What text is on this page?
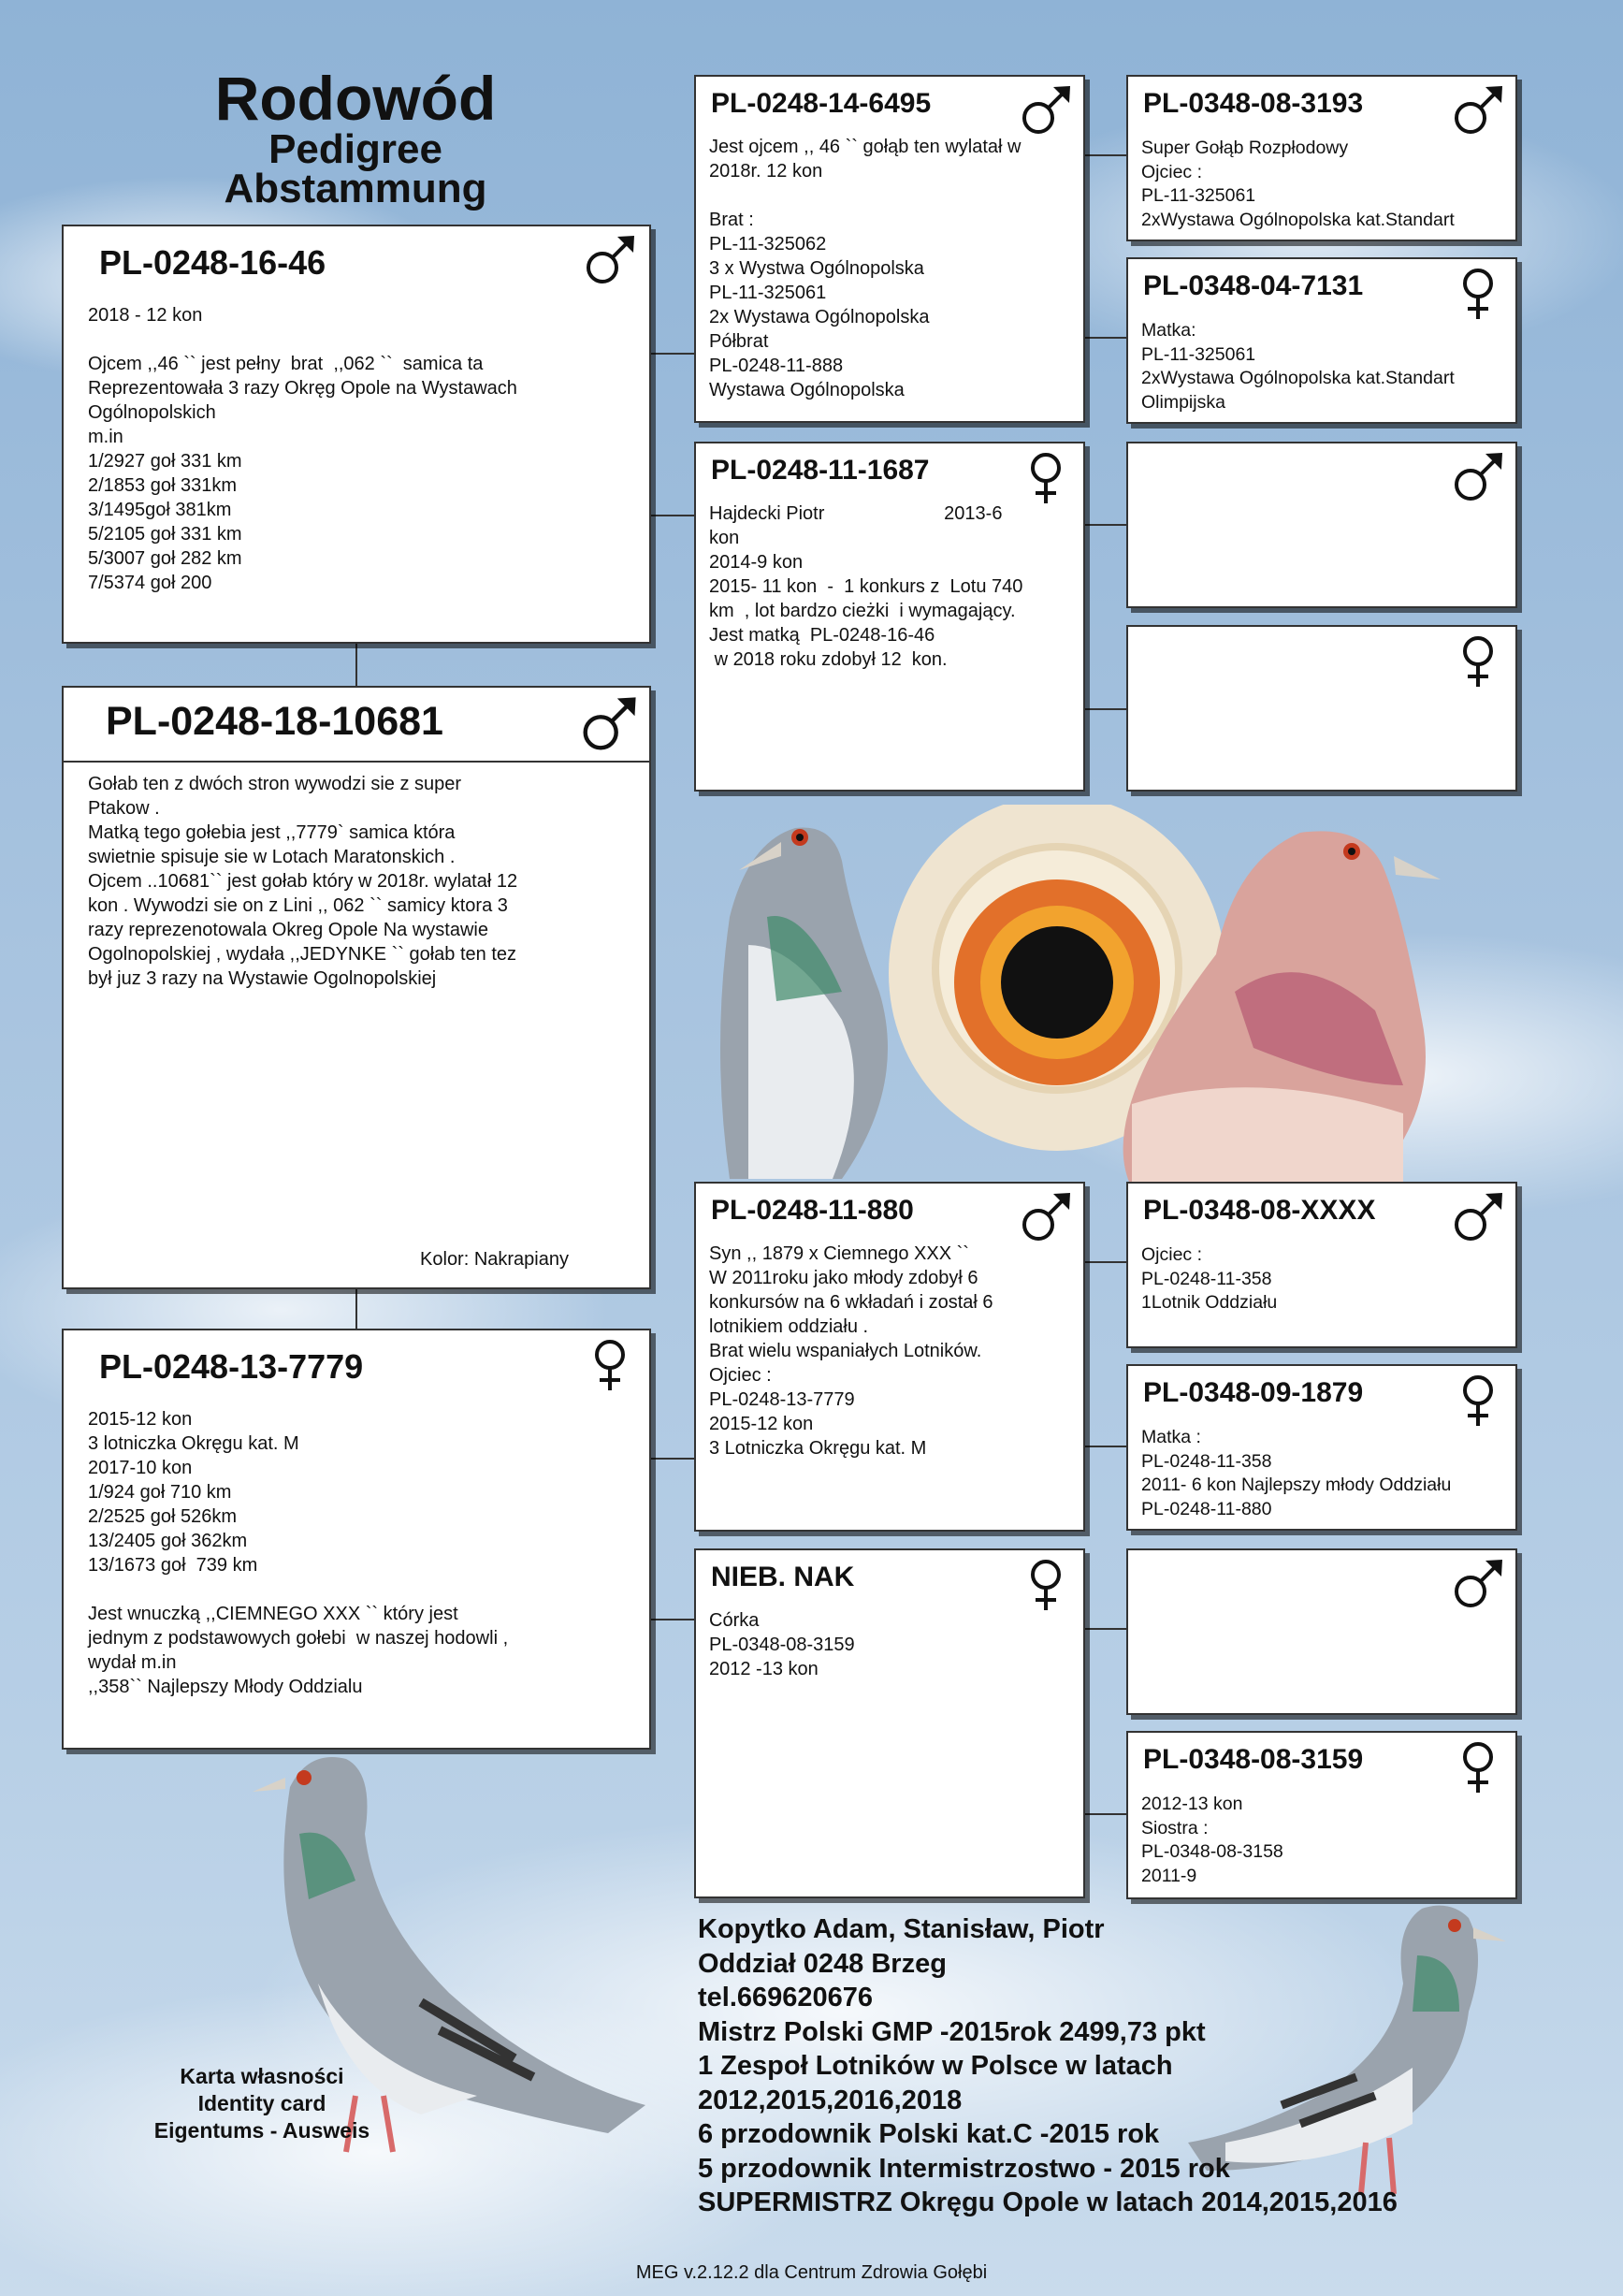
Rodowód
Pedigree
Abstammung
PL-0248-16-46
2018 - 12 kon

Ojcem ,,46 `` jest pełny  brat  ,,062 ``  samica ta
Reprezentowała 3 razy Okręg Opole na Wystawach
Ogólnopolskich
m.in
1/2927 goł 331 km
2/1853 goł 331km
3/1495goł 381km
5/2105 goł 331 km
5/3007 goł 282 km
7/5374 goł 200
PL-0248-18-10681
Gołab ten z dwóch stron wywodzi sie z super
Ptakow .
Matką tego gołebia jest ,,7779` samica która
swietnie spisuje sie w Lotach Maratonskich .
Ojcem ..10681`` jest gołab który w 2018r. wylatał 12
kon . Wywodzi sie on z Lini ,, 062 `` samicy ktora 3
razy reprezenotowala Okreg Opole Na wystawie
Ogolnopolskiej , wydała ,,JEDYNKE `` gołab ten tez
był juz 3 razy na Wystawie Ogolnopolskiej
Kolor: Nakrapiany
PL-0248-13-7779
2015-12 kon
3 lotniczka Okręgu kat. M
2017-10 kon
1/924 goł 710 km
2/2525 goł 526km
13/2405 goł 362km
13/1673 goł  739 km

Jest wnuczką ,,CIEMNEGO XXX `` który jest
jednym z podstawowych gołebi  w naszej hodowli ,
wydał m.in
,,358`` Najlepszy Młody Oddzialu
PL-0248-14-6495
Jest ojcem ,, 46 `` gołąb ten wylatał w
2018r. 12 kon

Brat :
PL-11-325062
3 x Wystwa Ogólnopolska
PL-11-325061
2x Wystawa Ogólnopolska
Półbrat
PL-0248-11-888
Wystawa Ogólnopolska
PL-0248-11-1687
Hajdecki Piotr                       2013-6
kon
2014-9 kon
2015- 11 kon  -  1 konkurs z  Lotu 740
km  , lot bardzo cieżki  i wymagający.
Jest matką  PL-0248-16-46
w 2018 roku zdobył 12  kon.
PL-0248-11-880
Syn ,, 1879 x Ciemnego XXX ``
W 2011roku jako młody zdobył 6
konkursów na 6 wkładań i został 6
lotnikiem oddziału .
Brat wielu wspaniałych Lotników.
Ojciec :
PL-0248-13-7779
2015-12 kon
3 Lotniczka Okręgu kat. M
NIEB. NAK
Córka
PL-0348-08-3159
2012 -13 kon
PL-0348-08-3193
Super Gołąb Rozpłodowy
Ojciec :
PL-11-325061
2xWystawa Ogólnopolska kat.Standart
PL-0348-04-7131
Matka:
PL-11-325061
2xWystawa Ogólnopolska kat.Standart
Olimpijska
PL-0348-08-XXXX
Ojciec :
PL-0248-11-358
1Lotnik Oddziału
PL-0348-09-1879
Matka :
PL-0248-11-358
2011- 6 kon Najlepszy młody Oddziału
PL-0248-11-880
PL-0348-08-3159
2012-13 kon
Siostra :
PL-0348-08-3158
2011-9
Kopytko Adam, Stanisław, Piotr
Oddział 0248 Brzeg
tel.669620676
Mistrz Polski GMP -2015rok 2499,73 pkt
1 Zespoł Lotników w Polsce w latach
2012,2015,2016,2018
6 przodownik Polski kat.C -2015 rok
5 przodownik Intermistrzostwo - 2015 rok
SUPERMISTRZ Okręgu Opole w latach 2014,2015,2016
Karta własności
Identity card
Eigentums - Ausweis
MEG v.2.12.2 dla Centrum Zdrowia Gołębi
